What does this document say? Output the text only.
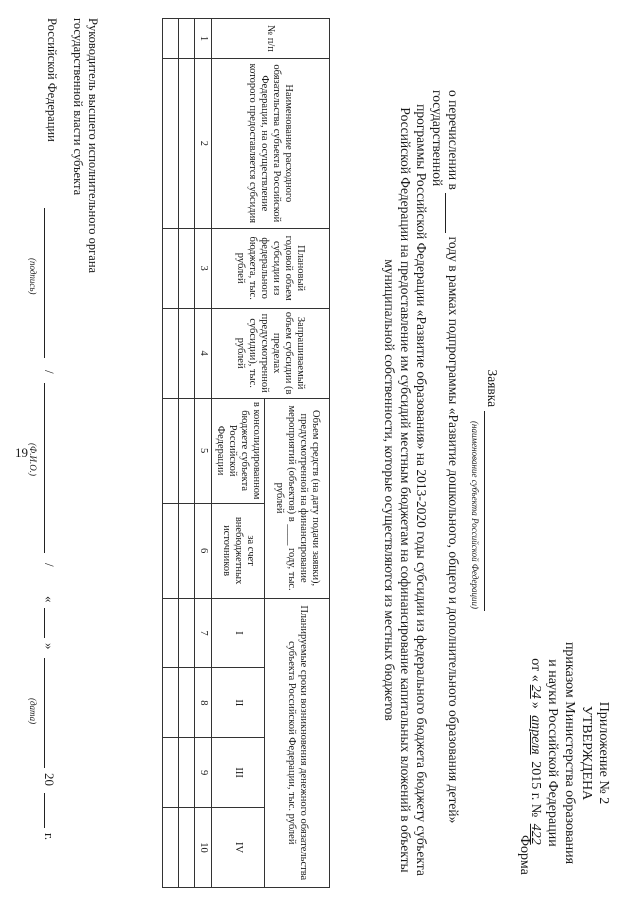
19
Приложение № 2
УТВЕРЖДЕНА
приказом Министерства образования
и науки Российской Федерации
от «24» апреля 2015 г. № 422
Форма
Заявка
(наименование субъекта Российской Федерации)
о перечислении в  году в рамках подпрограммы «Развитие дошкольного, общего и дополнительного образования детей» государственной
программы Российской Федерации «Развитие образования» на 2013-2020 годы субсидии из федерального бюджета бюджету субъекта
Российской Федерации на предоставление им субсидий местным бюджетам на софинансирование капитальных вложений в объекты
муниципальной собственности, которые осуществляются из местных бюджетов
№ п/п	Наименование расходного обязательства субъекта Российской Федерации, на осуществление которого предоставляется субсидия	Плановый годовой объем субсидии из федерального бюджета, тыс. рублей	Запрашиваемый объем субсидии (в пределах предусмотренной субсидии), тыс. рублей	Объем средств (на дату подачи заявки), предусмотренной на финансирование мероприятий (объектов) в ____ году, тыс. рублей		Планируемые сроки возникновения денежного обязательства субъекта Российской Федерации, тыс. рублей			
				в консолидированном бюджете субъекта Российской Федерации	за счет внебюджетных источников	I	II	III	IV
1	2	3	4	5	6	7	8	9	10

Руководитель высшего исполнительного органа
государственной власти субъекта
Российской Федерации
(подпись)
/
(Ф.И.О.)
/
«
»
(дата)
20
г.
